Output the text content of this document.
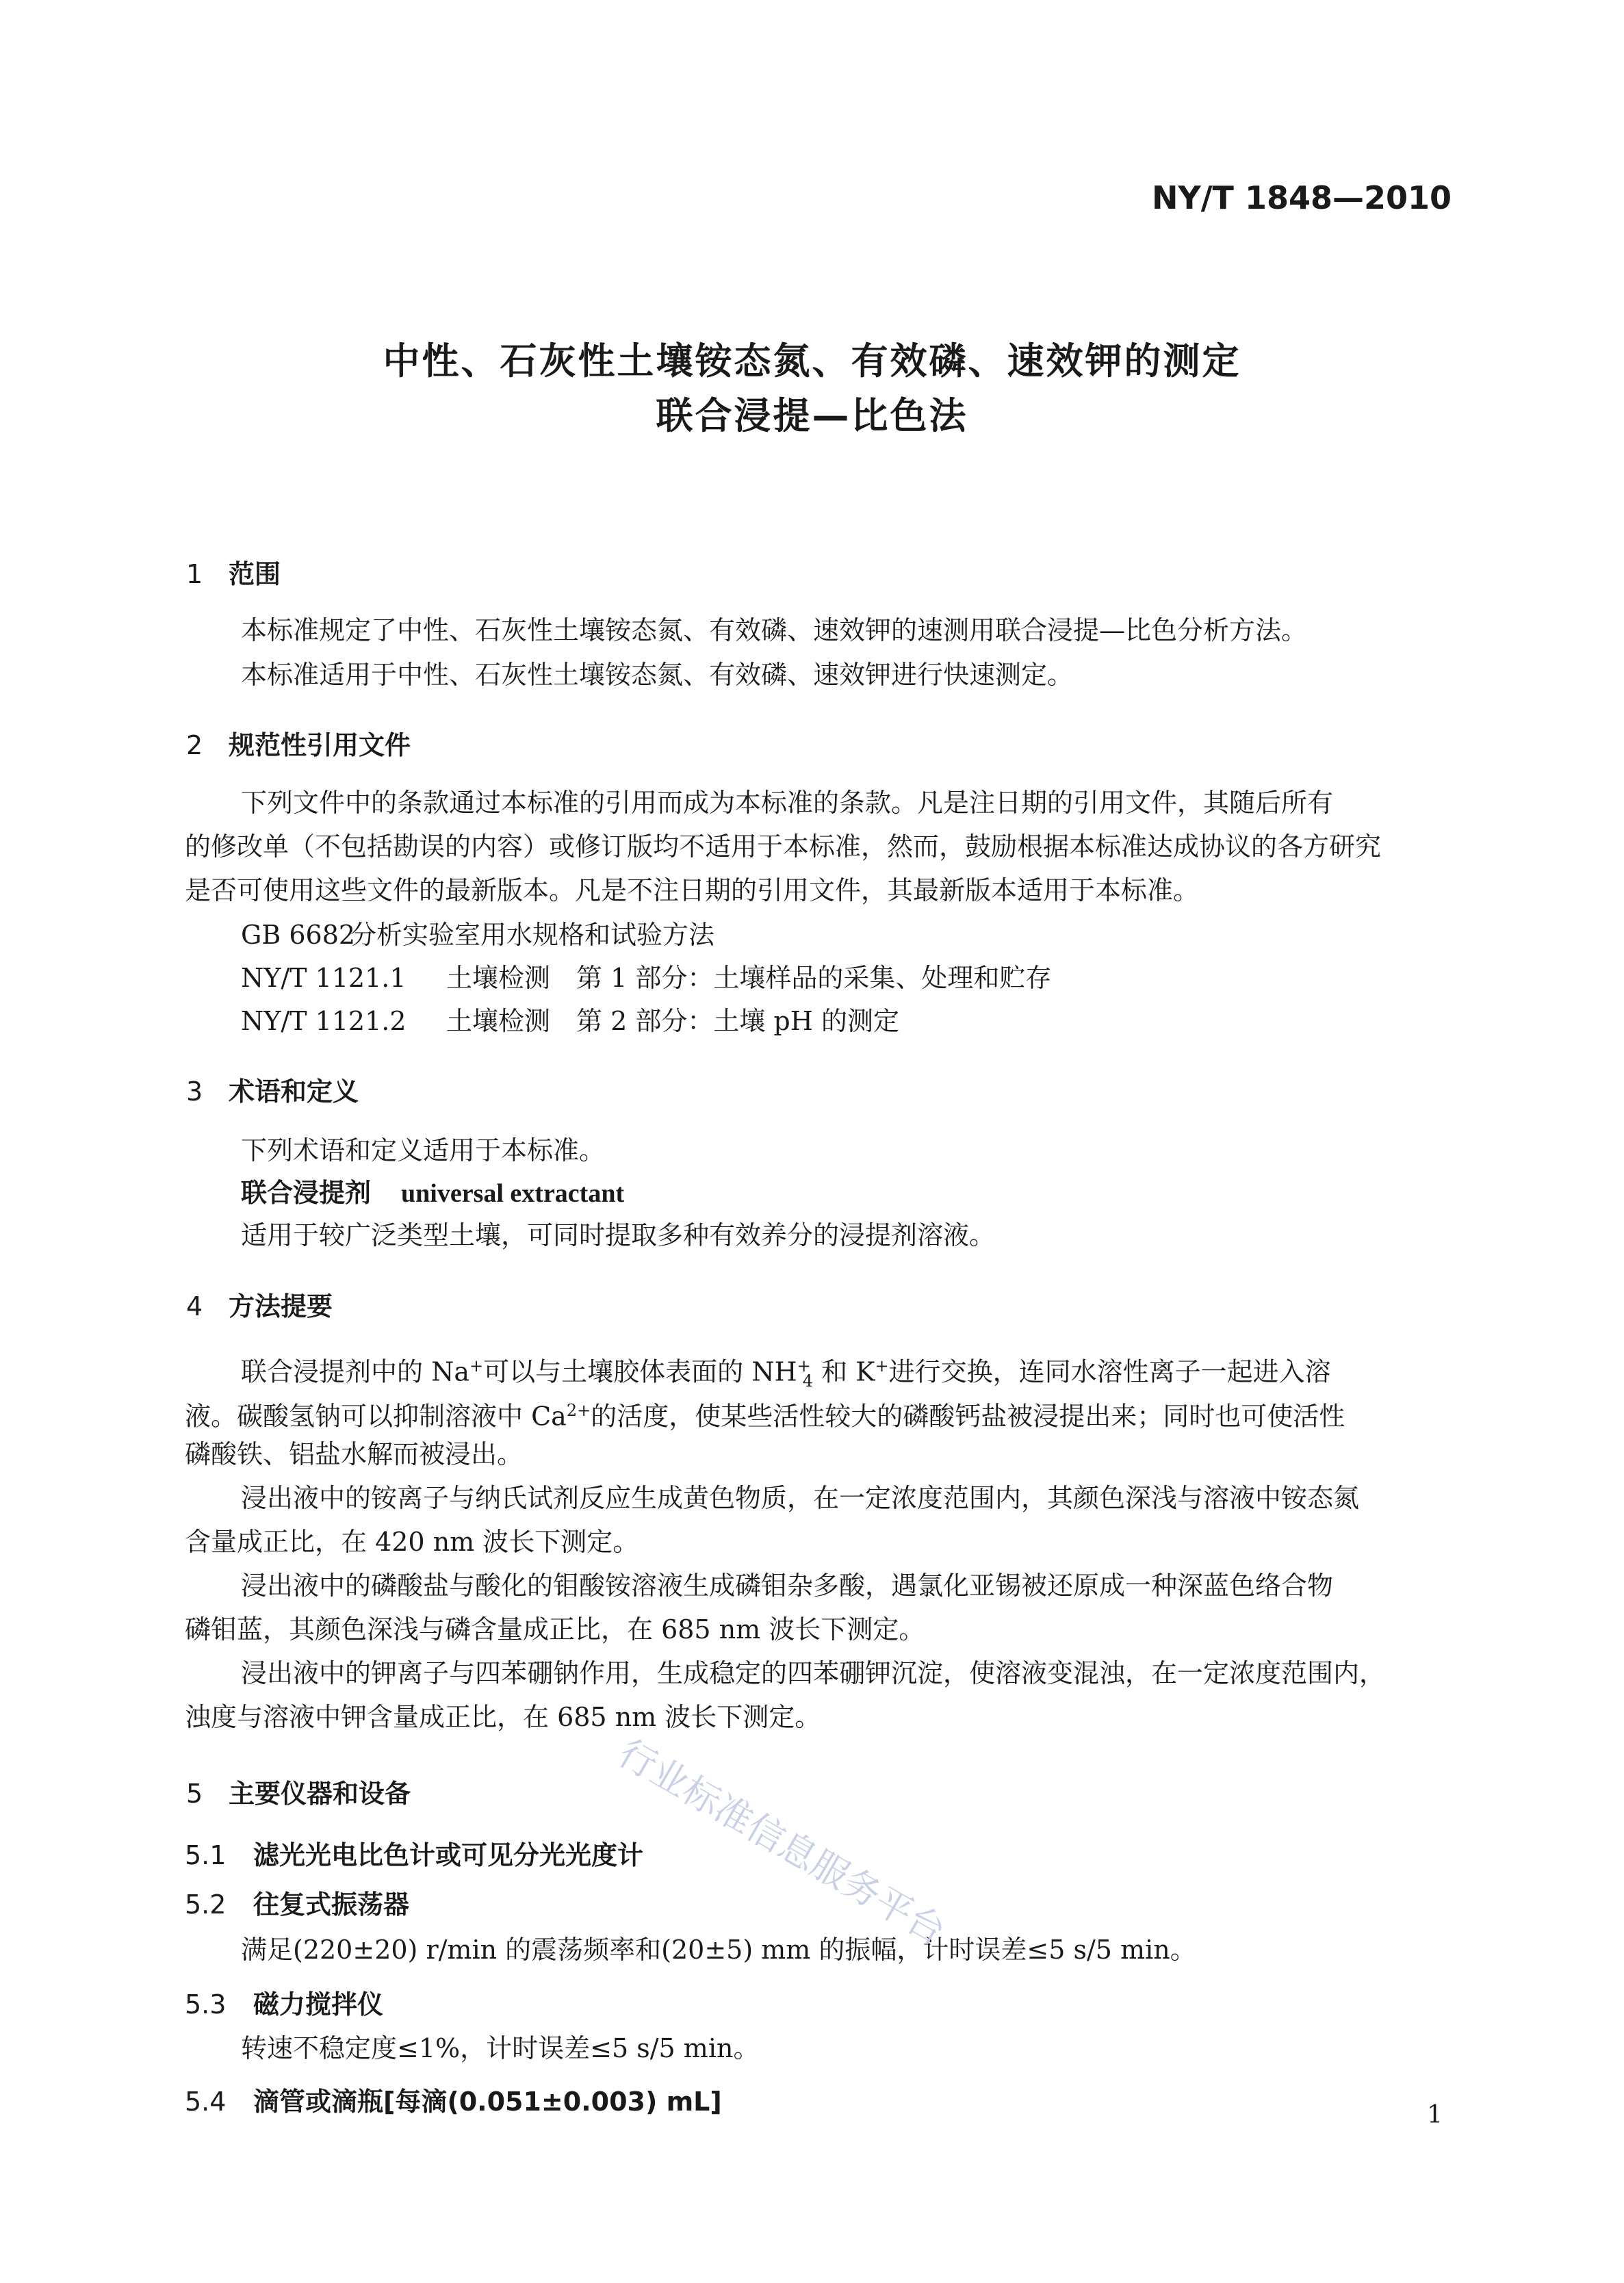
NY/T 1848—2010
中性、石灰性土壤铵态氮、有效磷、速效钾的测定
联合浸提—比色法
1 范围
本标准规定了中性、石灰性土壤铵态氮、有效磷、速效钾的速测用联合浸提—比色分析方法。
本标准适用于中性、石灰性土壤铵态氮、有效磷、速效钾进行快速测定。
2 规范性引用文件
下列文件中的条款通过本标准的引用而成为本标准的条款。凡是注日期的引用文件，其随后所有
的修改单（不包括勘误的内容）或修订版均不适用于本标准，然而，鼓励根据本标准达成协议的各方研究
是否可使用这些文件的最新版本。凡是不注日期的引用文件，其最新版本适用于本标准。
GB 6682分析实验室用水规格和试验方法
NY/T 1121.1 土壤检测　第 1 部分：土壤样品的采集、处理和贮存
NY/T 1121.2 土壤检测　第 2 部分：土壤 pH 的测定
3 术语和定义
下列术语和定义适用于本标准。
联合浸提剂 universal extractant
适用于较广泛类型土壤，可同时提取多种有效养分的浸提剂溶液。
4 方法提要
联合浸提剂中的 Na+可以与土壤胶体表面的 $NH^+_4$ 和 K+进行交换，连同水溶性离子一起进入溶
液。碳酸氢钠可以抑制溶液中 $Ca^{2+}$的活度，使某些活性较大的磷酸钙盐被浸提出来；同时也可使活性
磷酸铁、铝盐水解而被浸出。
浸出液中的铵离子与纳氏试剂反应生成黄色物质，在一定浓度范围内，其颜色深浅与溶液中铵态氮
含量成正比，在 420 nm 波长下测定。
浸出液中的磷酸盐与酸化的钼酸铵溶液生成磷钼杂多酸，遇氯化亚锡被还原成一种深蓝色络合物
磷钼蓝，其颜色深浅与磷含量成正比，在 685 nm 波长下测定。
浸出液中的钾离子与四苯硼钠作用，生成稳定的四苯硼钾沉淀，使溶液变混浊，在一定浓度范围内，
浊度与溶液中钾含量成正比，在 685 nm 波长下测定。
5 主要仪器和设备
5.1 滤光光电比色计或可见分光光度计
5.2 往复式振荡器
满足(220±20) r/min 的震荡频率和(20±5) mm 的振幅，计时误差≤5 s/5 min。
5.3 磁力搅拌仪
转速不稳定度≤1%，计时误差≤5 s/5 min。
5.4 滴管或滴瓶[每滴(0.051±0.003) mL]	1
行业标准信息服务平台
